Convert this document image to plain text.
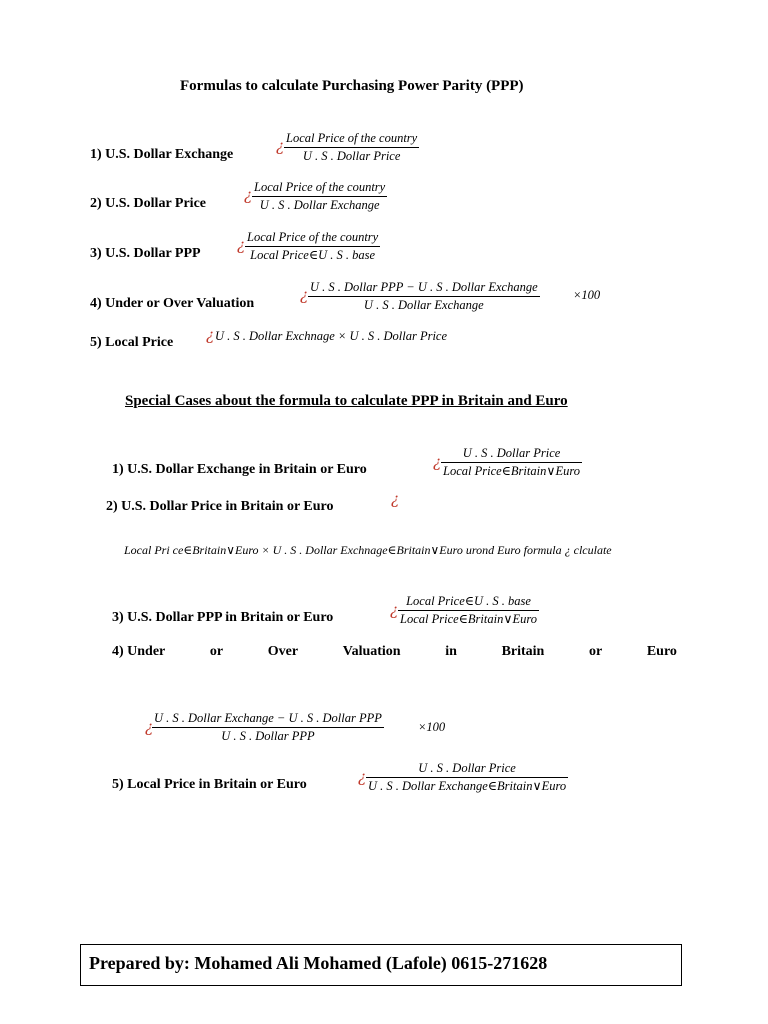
Formulas to calculate Purchasing Power Parity (PPP)
1) U.S. Dollar Exchange	¿ Local Price of the country
U . S . Dollar Price
2) U.S. Dollar Price	¿ Local Price of the country
U . S . Dollar Exchange
3) U.S. Dollar PPP ¿ Local Price of the country
Local Price∈U . S . base
4) Under or Over Valuation	¿ U . S . Dollar PPP − U . S . Dollar Exchange
U . S . Dollar Exchange
×100
5) Local Price ¿ U . S . Dollar Exchnage × U . S . Dollar Price
Special Cases about the formula to calculate PPP in Britain and Euro
1) U.S. Dollar Exchange in Britain or Euro	¿ U . S . Dollar Price
Local Price∈Britain∨Euro
2) U.S. Dollar Price in Britain or Euro	¿
Local Pri ce∈Britain∨Euro × U . S . Dollar Exchnage∈Britain∨Euro urond Euro formula ¿ clculate
3) U.S. Dollar PPP in Britain or Euro	¿ Local Price∈U . S . base
Local Price∈Britain∨Euro
4) Under	or	Over	Valuation	in	Britain	or	Euro
¿ U . S . Dollar Exchange − U . S . Dollar PPP
U . S . Dollar PPP
×100
5) Local Price in Britain or Euro	¿	U . S . Dollar Price
U . S . Dollar Exchange∈Britain∨Euro
Prepared by: Mohamed Ali Mohamed (Lafole) 0615-271628
